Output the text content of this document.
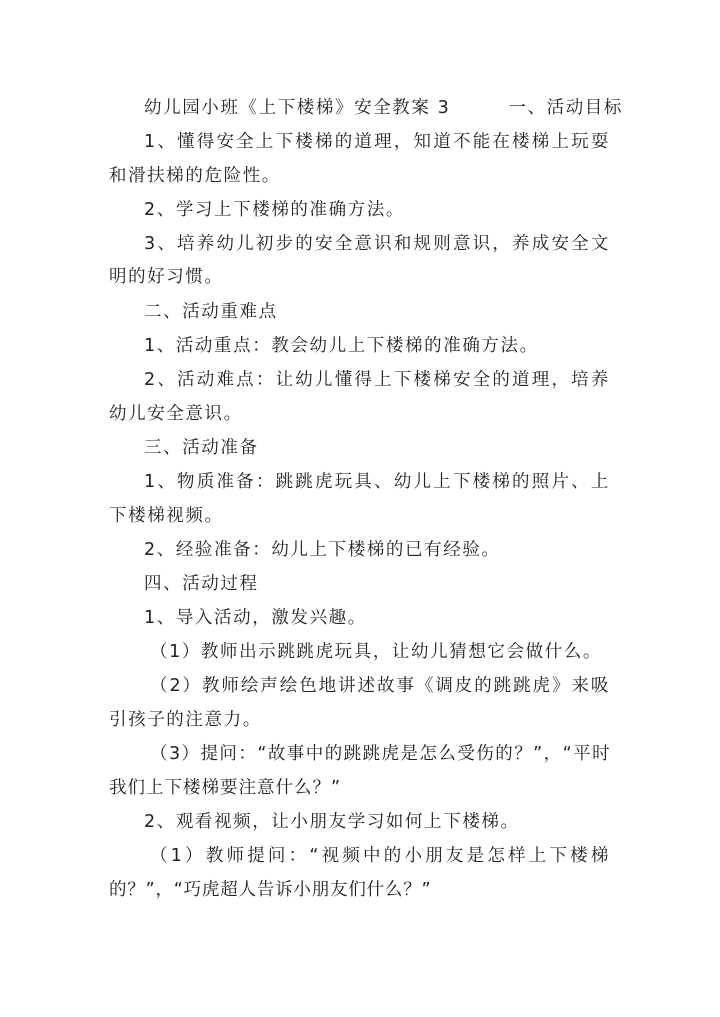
幼儿园小班《上下楼梯》安全教案 3	一、活动目标
1、懂得安全上下楼梯的道理，知道不能在楼梯上玩耍
和滑扶梯的危险性。
2、学习上下楼梯的准确方法。
3、培养幼儿初步的安全意识和规则意识，养成安全文
明的好习惯。
二、活动重难点
1、活动重点：教会幼儿上下楼梯的准确方法。
2、活动难点：让幼儿懂得上下楼梯安全的道理，培养
幼儿安全意识。
三、活动准备
1、物质准备：跳跳虎玩具、幼儿上下楼梯的照片、上
下楼梯视频。
2、经验准备：幼儿上下楼梯的已有经验。
四、活动过程
1、导入活动，激发兴趣。
（1）教师出示跳跳虎玩具，让幼儿猜想它会做什么。
（2）教师绘声绘色地讲述故事《调皮的跳跳虎》来吸
引孩子的注意力。
（3）提问：“故事中的跳跳虎是怎么受伤的？”，“平时
我们上下楼梯要注意什么？”
2、观看视频，让小朋友学习如何上下楼梯。
（1）教师提问：“视频中的小朋友是怎样上下楼梯
的？”，“巧虎超人告诉小朋友们什么？”
